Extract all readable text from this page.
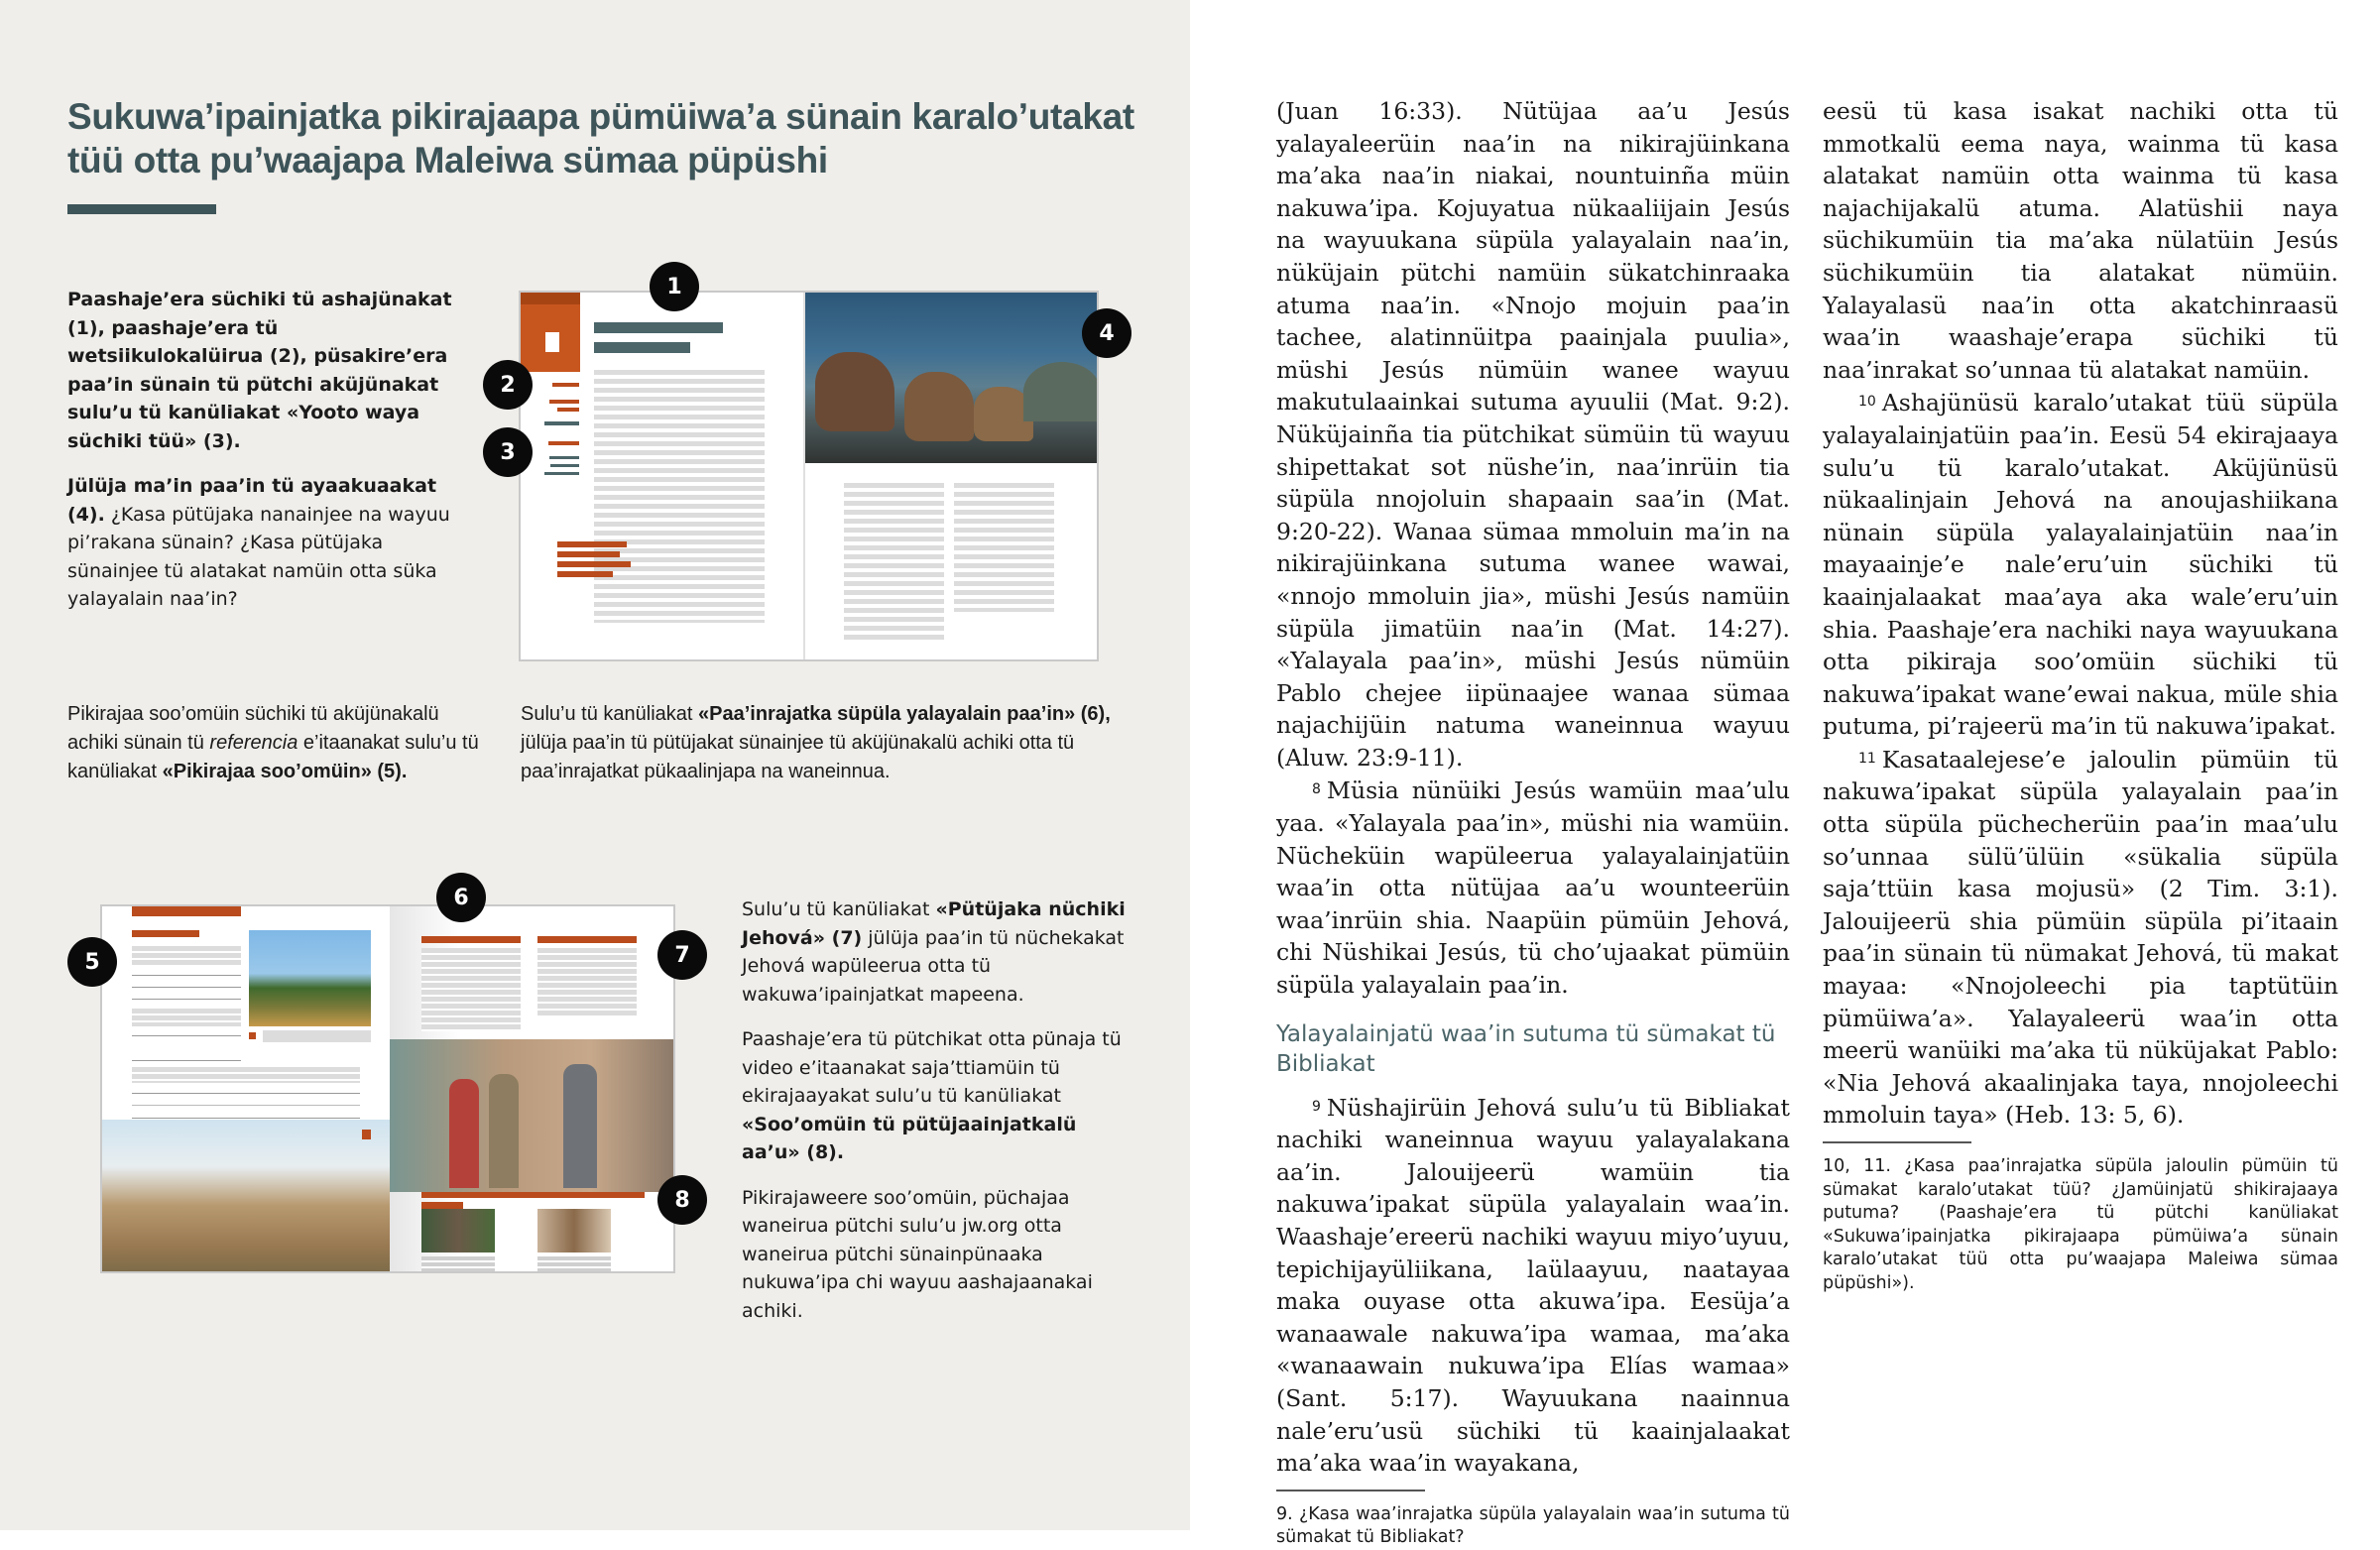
Sukuwa’ipainjatka pikirajaapa pümüiwa’a sünain karalo’utakat tüü otta pu’waajapa Maleiwa sümaa püpüshi

Paashaje’era süchiki tü ashajünakat (1), paashaje’era tü wetsiikulokalüirua (2), püsakire’era paa’in sünain tü pütchi aküjünakat sulu’u tü kanüliakat «Yooto waya süchiki tüü» (3).

Jülüja ma’in paa’in tü ayaakuaakat (4). ¿Kasa pütüjaka nanainjee na wayuu pi’rakana sünain? ¿Kasa pütüjaka sünainjee tü alatakat namüin otta süka yalayalain naa’in?

1
2
3
4
Pikirajaa soo’omüin süchiki tü aküjünakalü achiki sünain tü referencia e’itaanakat sulu’u tü kanüliakat «Pikirajaa soo’omüin» (5).
Sulu’u tü kanüliakat «Paa’inrajatka süpüla yalayalain paa’in» (6), jülüja paa’in tü pütüjakat sünainjee tü aküjünakalü achiki otta tü paa’inrajatkat pükaalinjapa na waneinnua.
5
6
7
8

Sulu’u tü kanüliakat «Pütüjaka nüchiki Jehová» (7) jülüja paa’in tü nüchekakat Jehová wapüleerua otta tü wakuwa’ipainjatkat mapeena.

Paashaje’era tü pütchikat otta pünaja tü video e’itaanakat saja’ttiamüin tü ekirajaayakat sulu’u tü kanüliakat «Soo’omüin tü pütüjaainjatkalü aa’u» (8).

Pikirajaweere soo’omüin, püchajaa waneirua pütchi sulu’u jw.org otta waneirua pütchi sünainpünaaka nukuwa’ipa chi wayuu aashajaanakai achiki.

(Juan 16:33). Nütüjaa aa’u Jesús yalayaleerüin naa’in na nikirajüinkana ma’aka naa’in niakai, nountuinña müin nakuwa’ipa. Kojuyatua nükaaliijain Jesús na wayuukana süpüla yalayalain naa’in, nüküjain pütchi namüin sükatchinraaka atuma naa’in. «Nnojo mojuin paa’in tachee, alatinnüitpa paainjala puulia», müshi Jesús nümüin wanee wayuu makutulaainkai sutuma ayuulii (Mat. 9:2). Nüküjainña tia pütchikat sümüin tü wayuu shipettakat sot nüshe’in, naa’inrüin tia süpüla nnojoluin shapaain saa’in (Mat. 9:20-22). Wanaa sümaa mmoluin ma’in na nikirajüinkana sutuma wanee wawai, «nnojo mmoluin jia», müshi Jesús namüin süpüla jimatüin naa’in (Mat. 14:27). «Yalayala paa’in», müshi Jesús nümüin Pablo chejee iipünaajee wanaa sümaa najachijüin natuma waneinnua wayuu (Aluw. 23:9-11).

$^8$ Müsia nünüiki Jesús wamüin maa’ulu yaa. «Yalayala paa’in», müshi nia wamüin. Nücheküin wapüleerua yalayalainjatüin waa’in otta nütüjaa aa’u wounteerüin waa’inrüin shia. Naapüin pümüin Jehová, chi Nüshikai Jesús, tü cho’ujaakat pümüin süpüla yalayalain paa’in.

Yalayalainjatü waa’in sutuma tü sümakat tü Bibliakat

$^9$ Nüshajirüin Jehová sulu’u tü Bibliakat nachiki waneinnua wayuu yalayalakana aa’in. Jalouijeerü wamüin tia nakuwa’ipakat süpüla yalayalain waa’in. Waashaje’ereerü nachiki wayuu miyo’uyuu, tepichijayüliikana, laülaayuu, naatayaa maka ouyase otta akuwa’ipa. Eesüja’a wanaawale nakuwa’ipa wamaa, ma’aka «wanaawain nukuwa’ipa Elías wamaa» (Sant. 5:17). Wayuukana naainnua nale’eru’usü süchiki tü kaainjalaakat ma’aka waa’in wayakana,

9. ¿Kasa waa’inrajatka süpüla yalayalain waa’in sutuma tü sümakat tü Bibliakat?

eesü tü kasa isakat nachiki otta tü mmotkalü eema naya, wainma tü kasa alatakat namüin otta wainma tü kasa najachijakalü atuma. Alatüshii naya süchikumüin tia ma’aka nülatüin Jesús süchikumüin tia alatakat nümüin. Yalayalasü naa’in otta akatchinraasü waa’in waashaje’erapa süchiki tü naa’inrakat so’unnaa tü alatakat namüin.

$^{10}$ Ashajünüsü karalo’utakat tüü süpüla yalayalainjatüin paa’in. Eesü 54 ekirajaaya sulu’u tü karalo’utakat. Aküjünüsü nükaalinjain Jehová na anoujashiikana nünain süpüla yalayalainjatüin naa’in mayaainje’e nale’eru’uin süchiki tü kaainjalaakat maa’aya aka wale’eru’uin shia. Paashaje’era nachiki naya wayuukana otta pikiraja soo’omüin süchiki tü nakuwa’ipakat wane’ewai nakua, müle shia putuma, pi’rajeerü ma’in tü nakuwa’ipakat.

$^{11}$ Kasataalejese’e jaloulin pümüin tü nakuwa’ipakat süpüla yalayalain paa’in otta süpüla püchecherüin paa’in maa’ulu so’unnaa sülü’ülüin «sükalia süpüla saja’ttüin kasa mojusü» (2 Tim. 3:1). Jalouijeerü shia pümüin süpüla pi’itaain paa’in sünain tü nümakat Jehová, tü makat mayaa: «Nnojoleechi pia taptütüin pümüiwa’a». Yalayaleerü waa’in otta meerü wanüiki ma’aka tü nüküjakat Pablo: «Nia Jehová akaalinjaka taya, nnojoleechi mmoluin taya» (Heb. 13: 5, 6).

10, 11. ¿Kasa paa’inrajatka süpüla jaloulin pümüin tü sümakat karalo’utakat tüü? ¿Jamüinjatü shikirajaaya putuma? (Paashaje’era tü pütchi kanüliakat «Sukuwa’ipainjatka pikirajaapa pümüiwa’a sünain karalo’utakat tüü otta pu’waajapa Maleiwa sümaa püpüshi»).
